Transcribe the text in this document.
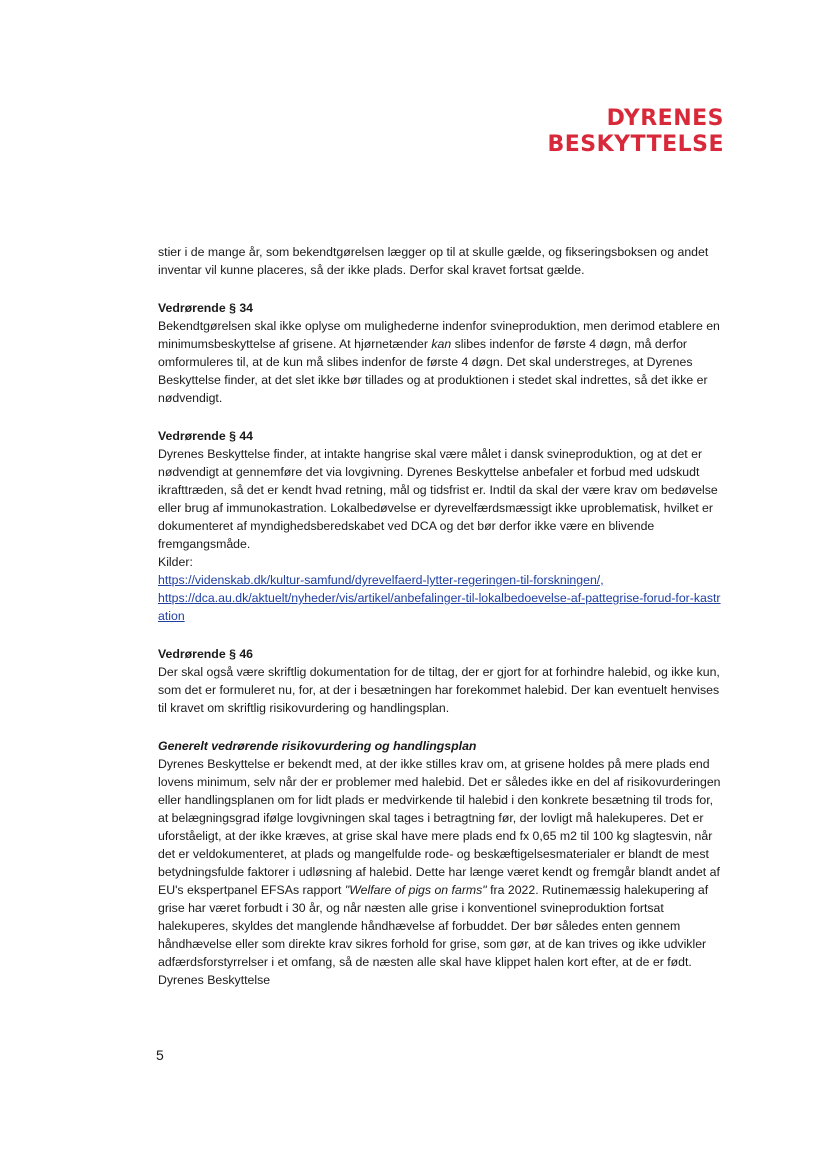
DYRENES
BESKYTTELSE

stier i de mange år, som bekendtgørelsen lægger op til at skulle gælde, og fikseringsboksen og andet inventar vil kunne placeres, så der ikke plads. Derfor skal kravet fortsat gælde.

Vedrørende § 34

Bekendtgørelsen skal ikke oplyse om mulighederne indenfor svineproduktion, men derimod etablere en minimumsbeskyttelse af grisene. At hjørnetænder kan slibes indenfor de første 4 døgn, må derfor omformuleres til, at de kun må slibes indenfor de første 4 døgn. Det skal understreges, at Dyrenes Beskyttelse finder, at det slet ikke bør tillades og at produktionen i stedet skal indrettes, så det ikke er nødvendigt.

Vedrørende § 44

Dyrenes Beskyttelse finder, at intakte hangrise skal være målet i dansk svineproduktion, og at det er nødvendigt at gennemføre det via lovgivning. Dyrenes Beskyttelse anbefaler et forbud med udskudt ikrafttræden, så det er kendt hvad retning, mål og tidsfrist er. Indtil da skal der være krav om bedøvelse eller brug af immunokastration. Lokalbedøvelse er dyrevelfærdsmæssigt ikke uproblematisk, hvilket er dokumenteret af myndighedsberedskabet ved DCA og det bør derfor ikke være en blivende fremgangsmåde.

Kilder:

https://videnskab.dk/kultur-samfund/dyrevelfaerd-lytter-regeringen-til-forskningen/,
https://dca.au.dk/aktuelt/nyheder/vis/artikel/anbefalinger-til-lokalbedoevelse-af-pattegrise-forud-for-kastration

Vedrørende § 46

Der skal også være skriftlig dokumentation for de tiltag, der er gjort for at forhindre halebid, og ikke kun, som det er formuleret nu, for, at der i besætningen har forekommet halebid. Der kan eventuelt henvises til kravet om skriftlig risikovurdering og handlingsplan.

Generelt vedrørende risikovurdering og handlingsplan

Dyrenes Beskyttelse er bekendt med, at der ikke stilles krav om, at grisene holdes på mere plads end lovens minimum, selv når der er problemer med halebid. Det er således ikke en del af risikovurderingen eller handlingsplanen om for lidt plads er medvirkende til halebid i den konkrete besætning til trods for, at belægningsgrad ifølge lovgivningen skal tages i betragtning før, der lovligt må halekuperes. Det er uforståeligt, at der ikke kræves, at grise skal have mere plads end fx 0,65 m2 til 100 kg slagtesvin, når det er veldokumenteret, at plads og mangelfulde rode- og beskæftigelsesmaterialer er blandt de mest betydningsfulde faktorer i udløsning af halebid. Dette har længe været kendt og fremgår blandt andet af EU's ekspertpanel EFSAs rapport "Welfare of pigs on farms" fra 2022. Rutinemæssig halekupering af grise har været forbudt i 30 år, og når næsten alle grise i konventionel svineproduktion fortsat halekuperes, skyldes det manglende håndhævelse af forbuddet. Der bør således enten gennem håndhævelse eller som direkte krav sikres forhold for grise, som gør, at de kan trives og ikke udvikler adfærdsforstyrrelser i et omfang, så de næsten alle skal have klippet halen kort efter, at de er født. Dyrenes Beskyttelse

5
